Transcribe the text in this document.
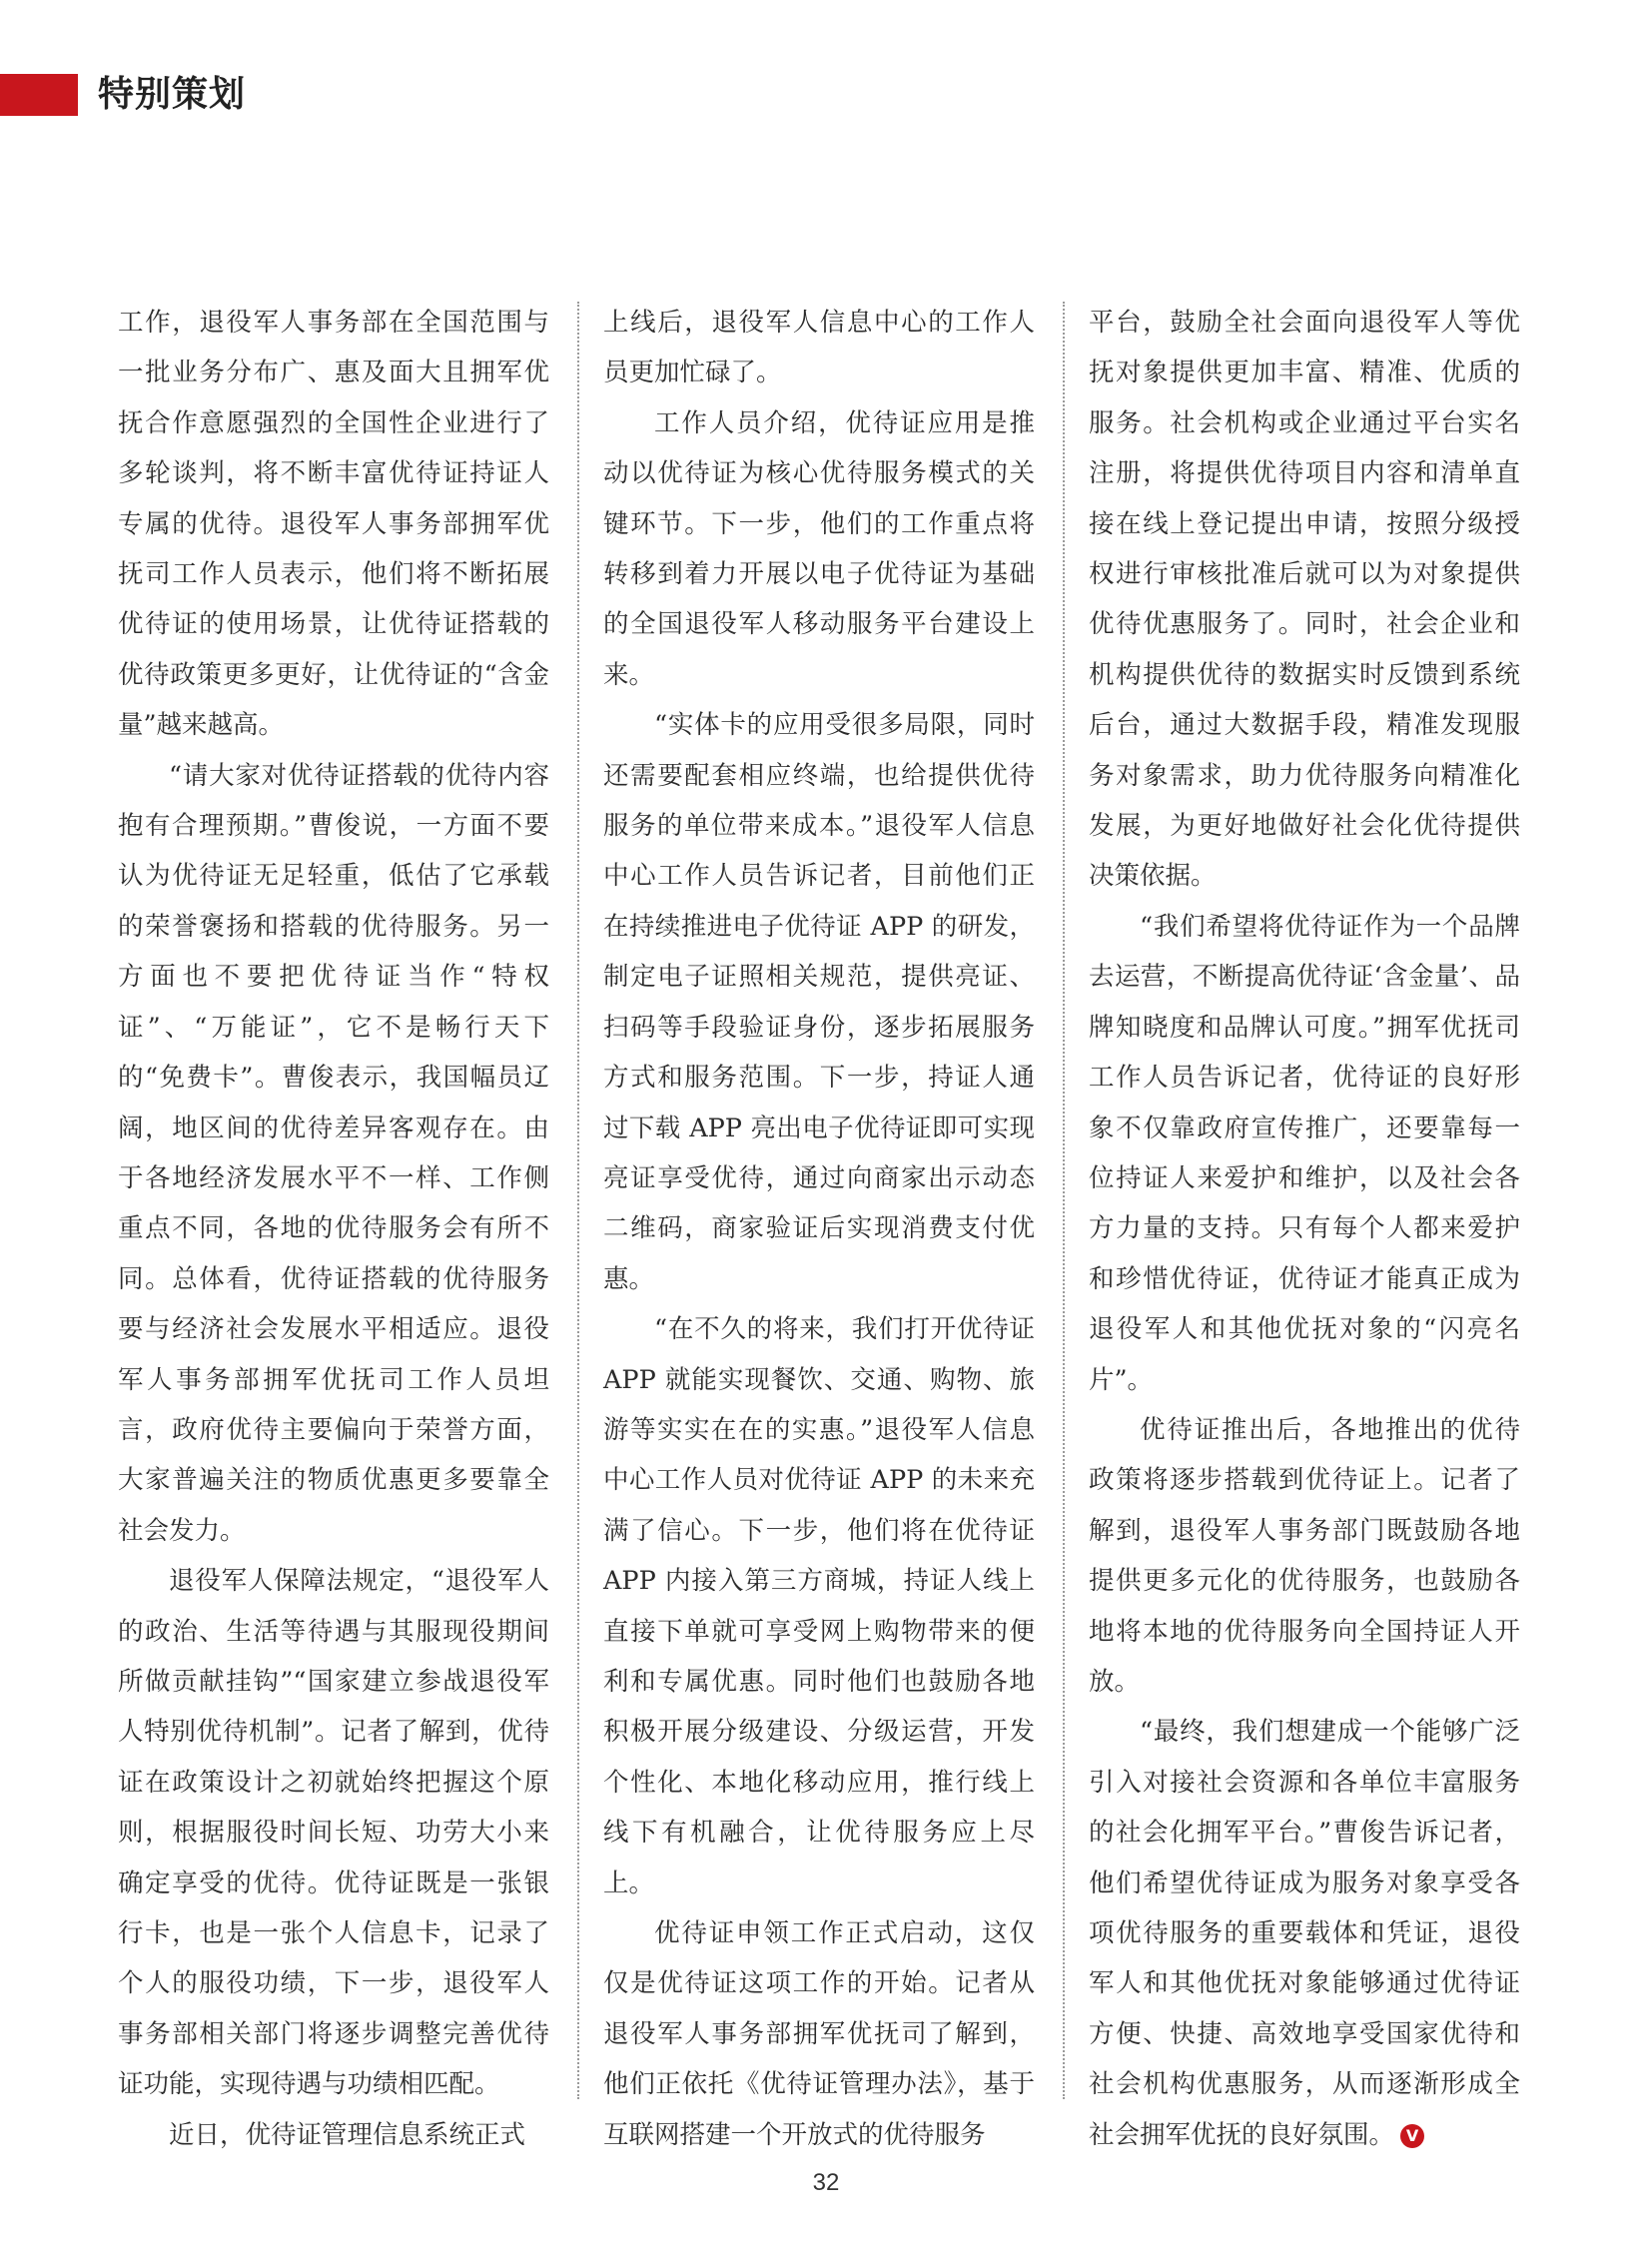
特别策划

工作，退役军人事务部在全国范围与一批业务分布广、惠及面大且拥军优抚合作意愿强烈的全国性企业进行了多轮谈判，将不断丰富优待证持证人专属的优待。退役军人事务部拥军优抚司工作人员表示，他们将不断拓展优待证的使用场景，让优待证搭载的优待政策更多更好，让优待证的“含金量”越来越高。

“请大家对优待证搭载的优待内容抱有合理预期。”曹俊说，一方面不要认为优待证无足轻重，低估了它承载的荣誉褒扬和搭载的优待服务。另一方面也不要把优待证当作“特权证”、“万能证”，它不是畅行天下的“免费卡”。曹俊表示，我国幅员辽阔，地区间的优待差异客观存在。由于各地经济发展水平不一样、工作侧重点不同，各地的优待服务会有所不同。总体看，优待证搭载的优待服务要与经济社会发展水平相适应。退役军人事务部拥军优抚司工作人员坦言，政府优待主要偏向于荣誉方面，大家普遍关注的物质优惠更多要靠全社会发力。

退役军人保障法规定，“退役军人的政治、生活等待遇与其服现役期间所做贡献挂钩”“国家建立参战退役军人特别优待机制”。记者了解到，优待证在政策设计之初就始终把握这个原则，根据服役时间长短、功劳大小来确定享受的优待。优待证既是一张银行卡，也是一张个人信息卡，记录了个人的服役功绩，下一步，退役军人事务部相关部门将逐步调整完善优待证功能，实现待遇与功绩相匹配。

近日，优待证管理信息系统正式

上线后，退役军人信息中心的工作人员更加忙碌了。

工作人员介绍，优待证应用是推动以优待证为核心优待服务模式的关键环节。下一步，他们的工作重点将转移到着力开展以电子优待证为基础的全国退役军人移动服务平台建设上来。

“实体卡的应用受很多局限，同时还需要配套相应终端，也给提供优待服务的单位带来成本。”退役军人信息中心工作人员告诉记者，目前他们正在持续推进电子优待证 APP 的研发，制定电子证照相关规范，提供亮证、扫码等手段验证身份，逐步拓展服务方式和服务范围。下一步，持证人通过下载 APP 亮出电子优待证即可实现亮证享受优待，通过向商家出示动态二维码，商家验证后实现消费支付优惠。

“在不久的将来，我们打开优待证 APP 就能实现餐饮、交通、购物、旅游等实实在在的实惠。”退役军人信息中心工作人员对优待证 APP 的未来充满了信心。下一步，他们将在优待证 APP 内接入第三方商城，持证人线上直接下单就可享受网上购物带来的便利和专属优惠。同时他们也鼓励各地积极开展分级建设、分级运营，开发个性化、本地化移动应用，推行线上线下有机融合，让优待服务应上尽上。

优待证申领工作正式启动，这仅仅是优待证这项工作的开始。记者从退役军人事务部拥军优抚司了解到，他们正依托《优待证管理办法》，基于互联网搭建一个开放式的优待服务

平台，鼓励全社会面向退役军人等优抚对象提供更加丰富、精准、优质的服务。社会机构或企业通过平台实名注册，将提供优待项目内容和清单直接在线上登记提出申请，按照分级授权进行审核批准后就可以为对象提供优待优惠服务了。同时，社会企业和机构提供优待的数据实时反馈到系统后台，通过大数据手段，精准发现服务对象需求，助力优待服务向精准化发展，为更好地做好社会化优待提供决策依据。

“我们希望将优待证作为一个品牌去运营，不断提高优待证‘含金量’、品牌知晓度和品牌认可度。”拥军优抚司工作人员告诉记者，优待证的良好形象不仅靠政府宣传推广，还要靠每一位持证人来爱护和维护，以及社会各方力量的支持。只有每个人都来爱护和珍惜优待证，优待证才能真正成为退役军人和其他优抚对象的“闪亮名片”。

优待证推出后，各地推出的优待政策将逐步搭载到优待证上。记者了解到，退役军人事务部门既鼓励各地提供更多元化的优待服务，也鼓励各地将本地的优待服务向全国持证人开放。

“最终，我们想建成一个能够广泛引入对接社会资源和各单位丰富服务的社会化拥军平台。”曹俊告诉记者，他们希望优待证成为服务对象享受各项优待服务的重要载体和凭证，退役军人和其他优抚对象能够通过优待证方便、快捷、高效地享受国家优待和社会机构优惠服务，从而逐渐形成全社会拥军优抚的良好氛围。 V

32
